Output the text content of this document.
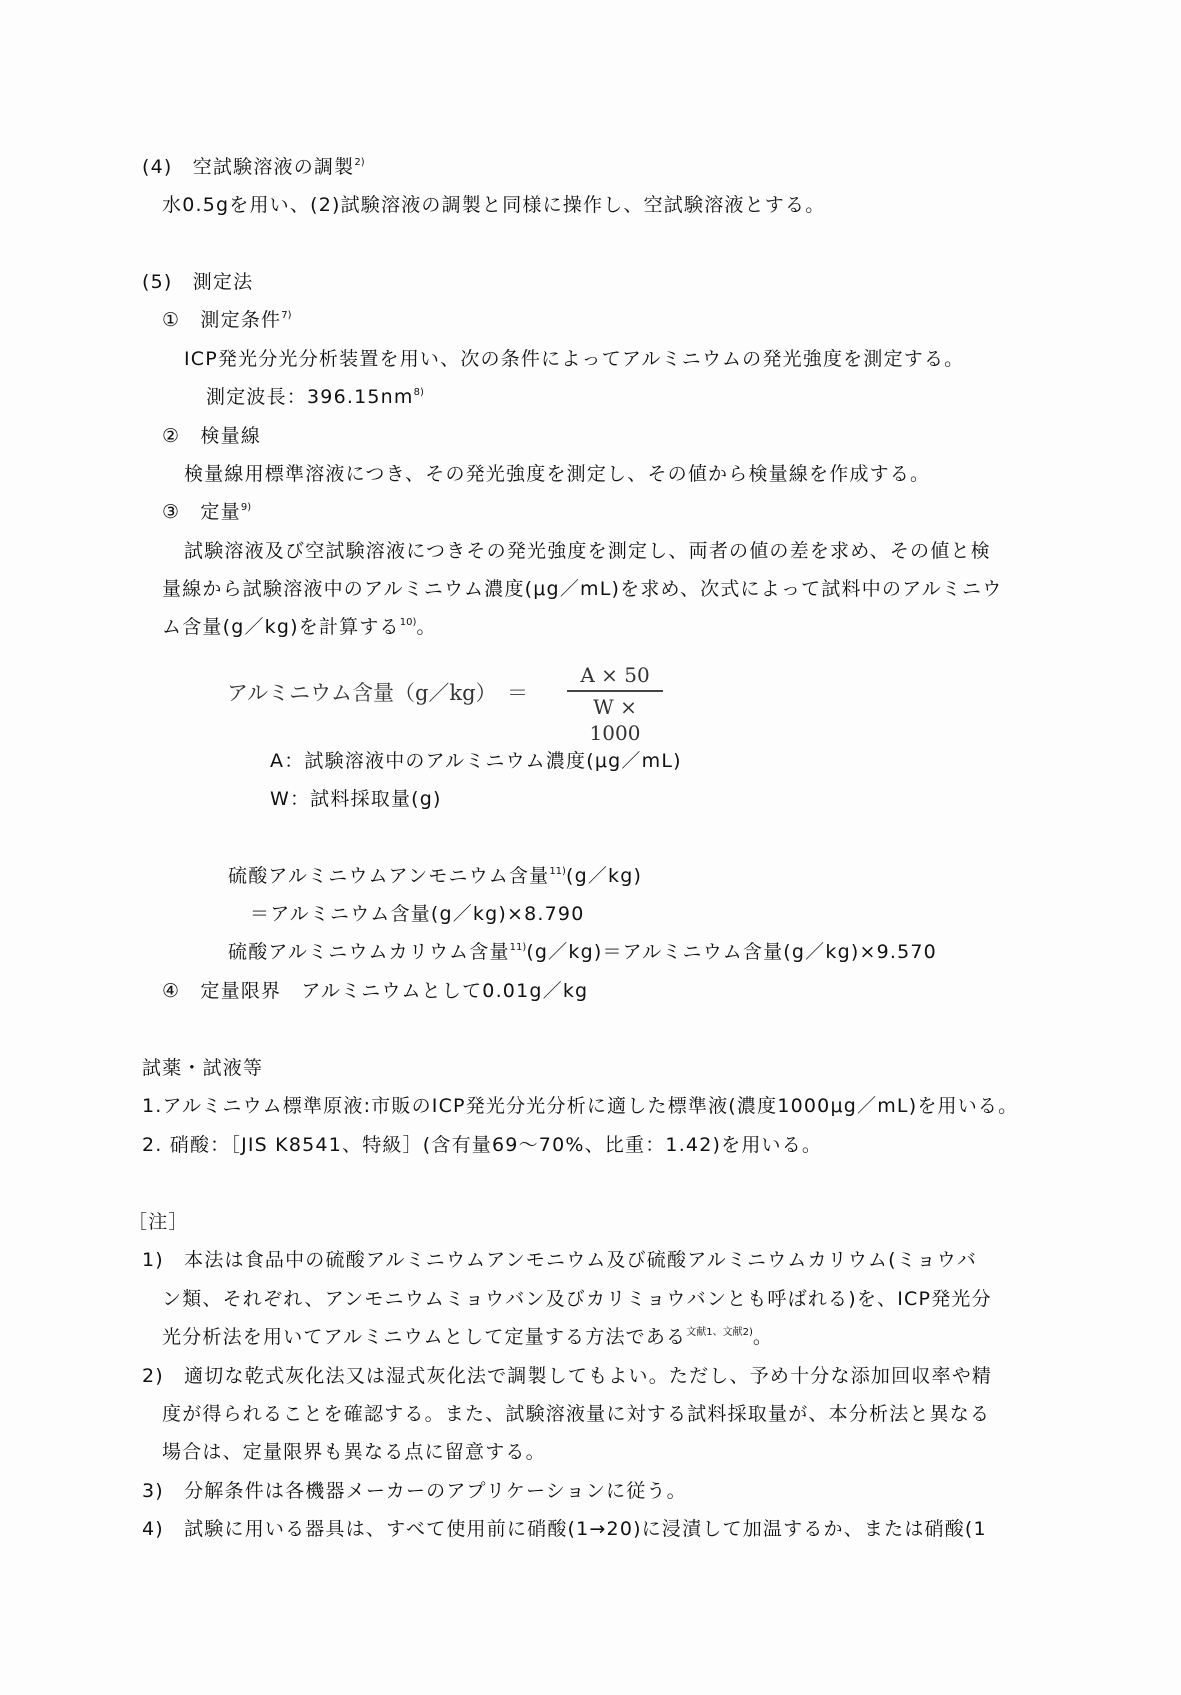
(4)　空試験溶液の調製$^{2)}$
水0.5gを用い、(2)試験溶液の調製と同様に操作し、空試験溶液とする。
(5)　測定法
①　測定条件$^{7)}$
ICP発光分光分析装置を用い、次の条件によってアルミニウムの発光強度を測定する。
測定波長：$396.15nm^{8)}$
②　検量線
検量線用標準溶液につき、その発光強度を測定し、その値から検量線を作成する。
③　定量$^{9)}$
試験溶液及び空試験溶液につきその発光強度を測定し、両者の値の差を求め、その値と検
量線から試験溶液中のアルミニウム濃度(μg／mL)を求め、次式によって試料中のアルミニウ
ム含量(g／kg)を計算する$^{10)}$。
アルミニウム含量（g／kg） ＝
A × 50
W × 1000
A：試験溶液中のアルミニウム濃度(μg／mL)
W：試料採取量(g)
硫酸アルミニウムアンモニウム含量$^{11)}$(g／kg)
＝アルミニウム含量(g／kg)×8.790
硫酸アルミニウムカリウム含量$^{11)}$(g／kg)＝アルミニウム含量(g／kg)×9.570
④　定量限界　アルミニウムとして0.01g／kg
試薬・試液等
1.アルミニウム標準原液:市販のICP発光分光分析に適した標準液(濃度1000μg／mL)を用いる。
2. 硝酸：［JIS K8541、特級］(含有量69～70%、比重：1.42)を用いる。
［注］
1)　本法は食品中の硫酸アルミニウムアンモニウム及び硫酸アルミニウムカリウム(ミョウバ
ン類、それぞれ、アンモニウムミョウバン及びカリミョウバンとも呼ばれる)を、ICP発光分
光分析法を用いてアルミニウムとして定量する方法である$^{文献1、文献2)}$。
2)　適切な乾式灰化法又は湿式灰化法で調製してもよい。ただし、予め十分な添加回収率や精
度が得られることを確認する。また、試験溶液量に対する試料採取量が、本分析法と異なる
場合は、定量限界も異なる点に留意する。
3)　分解条件は各機器メーカーのアプリケーションに従う。
4)　試験に用いる器具は、すべて使用前に硝酸(1→20)に浸漬して加温するか、または硝酸(1
